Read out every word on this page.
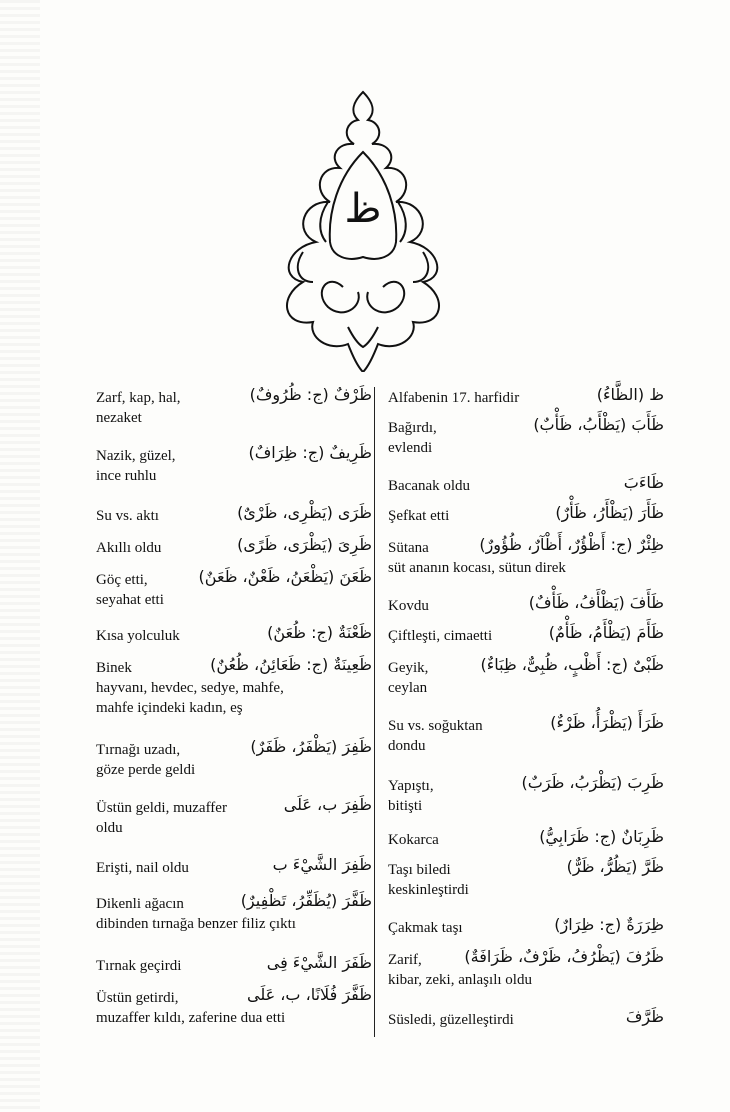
ظ
ظَرْفٌ (ج: ظُرُوفٌ)
Zarf, kap, hal,
nezaket
ظَرِيفٌ (ج: ظِرَافٌ)
Nazik, güzel,
ince ruhlu
ظَرَى (يَظْرِى، ظَرْىٌ)
Su vs. aktı
ظَرِىَ (يَظْرَى، ظَرًى)
Akıllı oldu
ظَعَنَ (يَظْعَنُ، ظَعْنٌ، ظَعَنٌ)
Göç etti,
seyahat etti
ظَعْنَةٌ (ج: ظُعَنٌ)
Kısa yolculuk
ظَعِينَةٌ (ج: ظَعَائِنُ، ظُعُنٌ)
Binek
hayvanı, hevdec, sedye, mahfe,
mahfe içindeki kadın, eş
ظَفِرَ (يَظْفَرُ، ظَفَرٌ)
Tırnağı uzadı,
göze perde geldi
ظَفِرَ ب، عَلَى
Üstün geldi, muzaffer
oldu
ظَفِرَ الشَّيْءَ ب
Erişti, nail oldu
ظَفَّرَ (يُظَفِّرُ، تَظْفِيرٌ)
Dikenli ağacın
dibinden tırnağa benzer filiz çıktı
ظَفَرَ الشَّيْءَ فِى
Tırnak geçirdi
ظَفَّرَ فُلَانًا، ب، عَلَى
Üstün getirdi,
muzaffer kıldı, zaferine dua etti
ظ (الظَّاءُ)
Alfabenin 17. harfidir
ظَأَبَ (يَظْأَبُ، ظَأْبٌ)
Bağırdı,
evlendi
ظَاءَبَ
Bacanak oldu
ظَأَرَ (يَظْأَرُ، ظَأْرٌ)
Şefkat etti
ظِئْرٌ (ج: أَظْؤُرٌ، أَظْآرٌ، ظُؤُورٌ)
Sütana
süt ananın kocası, sütun direk
ظَأَفَ (يَظْأَفُ، ظَأْفٌ)
Kovdu
ظَأَمَ (يَظْأَمُ، ظَأْمٌ)
Çiftleşti, cimaetti
ظَبْىٌ (ج: أَظْبٍ، ظُبِىٌّ، ظِبَاءٌ)
Geyik,
ceylan
ظَرَأَ (يَظْرَأُ، ظَرْءٌ)
Su vs. soğuktan
dondu
ظَرِبَ (يَظْرَبُ، ظَرَبٌ)
Yapıştı,
bitişti
ظَرِبَانٌ (ج: ظَرَابِيُّ)
Kokarca
ظَرَّ (يَظُرُّ، ظَرٌّ)
Taşı biledi
keskinleştirdi
ظِرَرَةٌ (ج: ظِرَارٌ)
Çakmak taşı
ظَرُفَ (يَظْرُفُ، ظَرْفٌ، ظَرَافَةٌ)
Zarif,
kibar, zeki, anlaşılı oldu
ظَرَّفَ
Süsledi, güzelleştirdi
